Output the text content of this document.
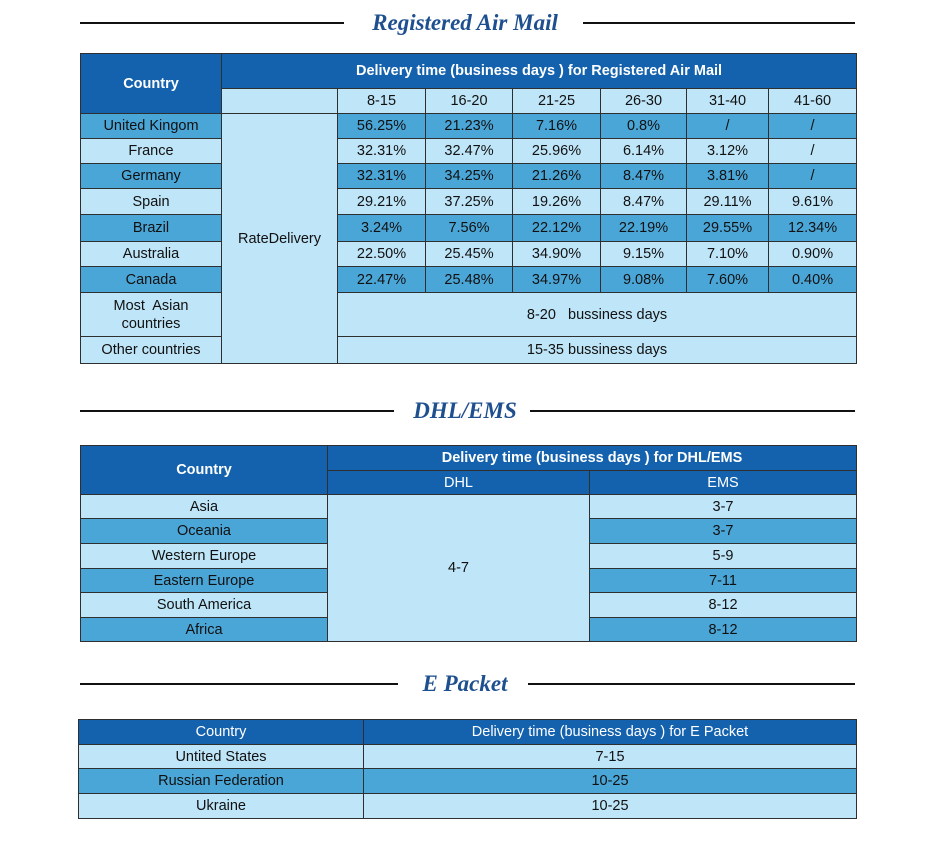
Registered Air Mail
Country	Delivery time (business days ) for Registered Air Mail						
		8-15	16-20	21-25	26-30	31-40	41-60
United Kingom	RateDelivery	56.25%	21.23%	7.16%	0.8%	/	/
France		32.31%	32.47%	25.96%	6.14%	3.12%	/
Germany		32.31%	34.25%	21.26%	8.47%	3.81%	/
Spain		29.21%	37.25%	19.26%	8.47%	29.11%	9.61%
Brazil		3.24%	7.56%	22.12%	22.19%	29.55%	12.34%
Australia		22.50%	25.45%	34.90%	9.15%	7.10%	0.90%
Canada		22.47%	25.48%	34.97%	9.08%	7.60%	0.40%

Most  Asian countries		8-20   bussiness days					
Other countries		15-35 bussiness days					
DHL/EMS
Country	Delivery time (business days ) for DHL/EMS	
	DHL	EMS
Asia	4-7	3-7
Oceania		3-7
Western Europe		5-9
Eastern Europe		7-11
South America		8-12
Africa		8-12
E Packet
Country	Delivery time (business days ) for E Packet
Untited States	7-15
Russian Federation	10-25
Ukraine	10-25
